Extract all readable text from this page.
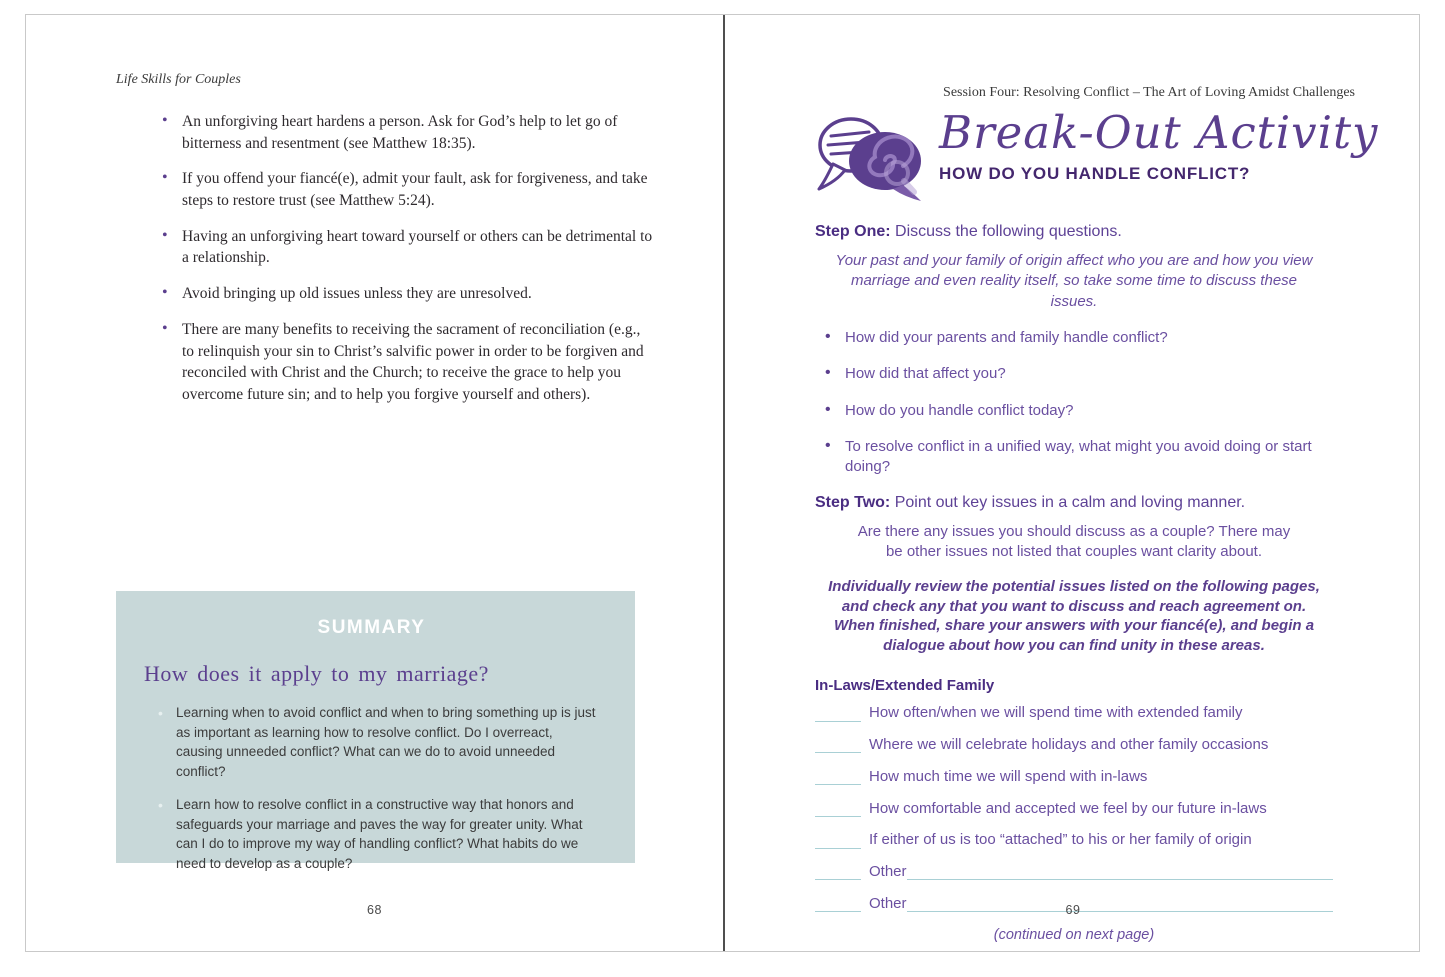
Life Skills for Couples
• An unforgiving heart hardens a person. Ask for God’s help to let go of bitterness and resentment (see Matthew 18:35).
• If you offend your fiancé(e), admit your fault, ask for forgiveness, and take steps to restore trust (see Matthew 5:24).
• Having an unforgiving heart toward yourself or others can be detrimental to a relationship.
• Avoid bringing up old issues unless they are unresolved.
• There are many benefits to receiving the sacrament of reconciliation (e.g., to relinquish your sin to Christ’s salvific power in order to be forgiven and reconciled with Christ and the Church; to receive the grace to help you overcome future sin; and to help you forgive yourself and others).
SUMMARY
How does it apply to my marriage?
• Learning when to avoid conflict and when to bring something up is just as important as learning how to resolve conflict. Do I overreact, causing unneeded conflict? What can we do to avoid unneeded conflict?
• Learn how to resolve conflict in a constructive way that honors and safeguards your marriage and paves the way for greater unity. What can I do to improve my way of handling conflict? What habits do we need to develop as a couple?
68
Session Four: Resolving Conflict – The Art of Loving Amidst Challenges
Break-Out Activity
HOW DO YOU HANDLE CONFLICT?

Step One: Discuss the following questions.

Your past and your family of origin affect who you are and how you view marriage and even reality itself, so take some time to discuss these issues.

• How did your parents and family handle conflict?
• How did that affect you?
• How do you handle conflict today?
• To resolve conflict in a unified way, what might you avoid doing or start doing?

Step Two: Point out key issues in a calm and loving manner.

Are there any issues you should discuss as a couple? There may be other issues not listed that couples want clarity about.

Individually review the potential issues listed on the following pages, and check any that you want to discuss and reach agreement on. When finished, share your answers with your fiancé(e), and begin a dialogue about how you can find unity in these areas.

In-Laws/Extended Family
How often/when we will spend time with extended family
Where we will celebrate holidays and other family occasions
How much time we will spend with in-laws
How comfortable and accepted we feel by our future in-laws
If either of us is too “attached” to his or her family of origin
Other
Other

(continued on next page)

69
